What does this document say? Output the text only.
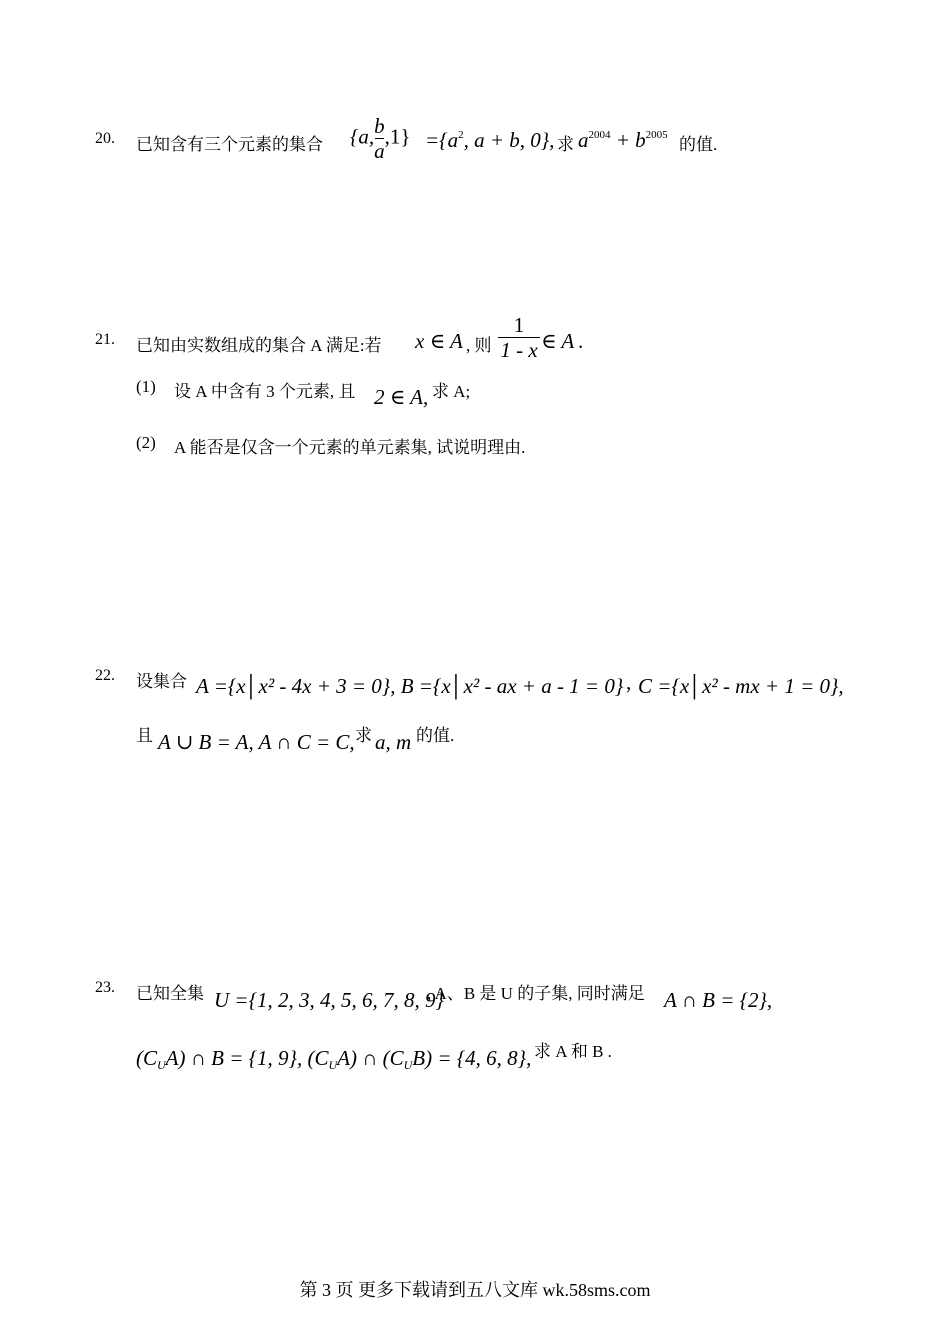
20. 已知含有三个元素的集合 {a, $\frac{b}{a} ,1\} =\{a^2$, a + b, 0}, 求 $a^{2004} + b^{2005}$ 的值.
21. 已知由实数组成的集合 A 满足:若 x ∈ A , 则 $\frac{1}{1 - x}$ ∈ A .
(1) 设 A 中含有 3 个元素, 且 2 ∈ A, 求 A;
(2) A 能否是仅含一个元素的单元素集, 试说明理由.
22. 设集合 A ={x│x² - 4x + 3 = 0}, B ={x│x² - ax + a - 1 = 0} , C ={x│x² - mx + 1 = 0},
且 A ∪ B = A, A ∩ C = C, 求 a, m 的值.
23. 已知全集 U ={1, 2, 3, 4, 5, 6, 7, 8, 9}
, A、B 是 U 的子集, 同时满足 A ∩ B = {2},
$(C_UA)$ ∩ B = {1, 9}, $(C_UA)$ ∩ $(C_UB) = \{4$, 6, 8}, 求 A 和 B .
第 3 页 更多下载请到五八文库 wk.58sms.com
